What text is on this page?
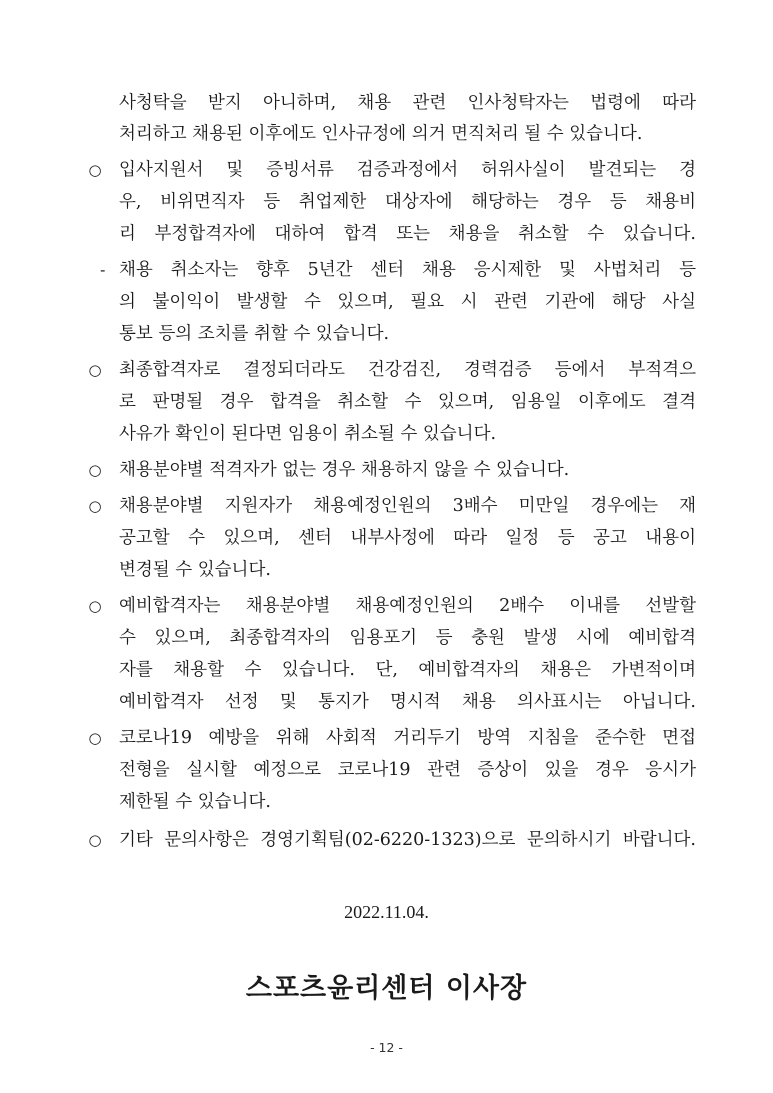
사청탁을 받지 아니하며, 채용 관련 인사청탁자는 법령에 따라
처리하고 채용된 이후에도 인사규정에 의거 면직처리 될 수 있습니다.
○ 입사지원서 및 증빙서류 검증과정에서 허위사실이 발견되는 경
우, 비위면직자 등 취업제한 대상자에 해당하는 경우 등 채용비
리 부정합격자에 대하여 합격 또는 채용을 취소할 수 있습니다.
- 채용 취소자는 향후 5년간 센터 채용 응시제한 및 사법처리 등
의 불이익이 발생할 수 있으며, 필요 시 관련 기관에 해당 사실
통보 등의 조치를 취할 수 있습니다.
○ 최종합격자로 결정되더라도 건강검진, 경력검증 등에서 부적격으
로 판명될 경우 합격을 취소할 수 있으며, 임용일 이후에도 결격
사유가 확인이 된다면 임용이 취소될 수 있습니다.
○ 채용분야별 적격자가 없는 경우 채용하지 않을 수 있습니다.
○ 채용분야별 지원자가 채용예정인원의 3배수 미만일 경우에는 재
공고할 수 있으며, 센터 내부사정에 따라 일정 등 공고 내용이
변경될 수 있습니다.
○ 예비합격자는 채용분야별 채용예정인원의 2배수 이내를 선발할
수 있으며, 최종합격자의 임용포기 등 충원 발생 시에 예비합격
자를 채용할 수 있습니다. 단, 예비합격자의 채용은 가변적이며
예비합격자 선정 및 통지가 명시적 채용 의사표시는 아닙니다.
○ 코로나19 예방을 위해 사회적 거리두기 방역 지침을 준수한 면접
전형을 실시할 예정으로 코로나19 관련 증상이 있을 경우 응시가
제한될 수 있습니다.
○ 기타 문의사항은 경영기획팀(02-6220-1323)으로 문의하시기 바랍니다.
2022.11.04.
스포츠윤리센터 이사장
- 12 -
